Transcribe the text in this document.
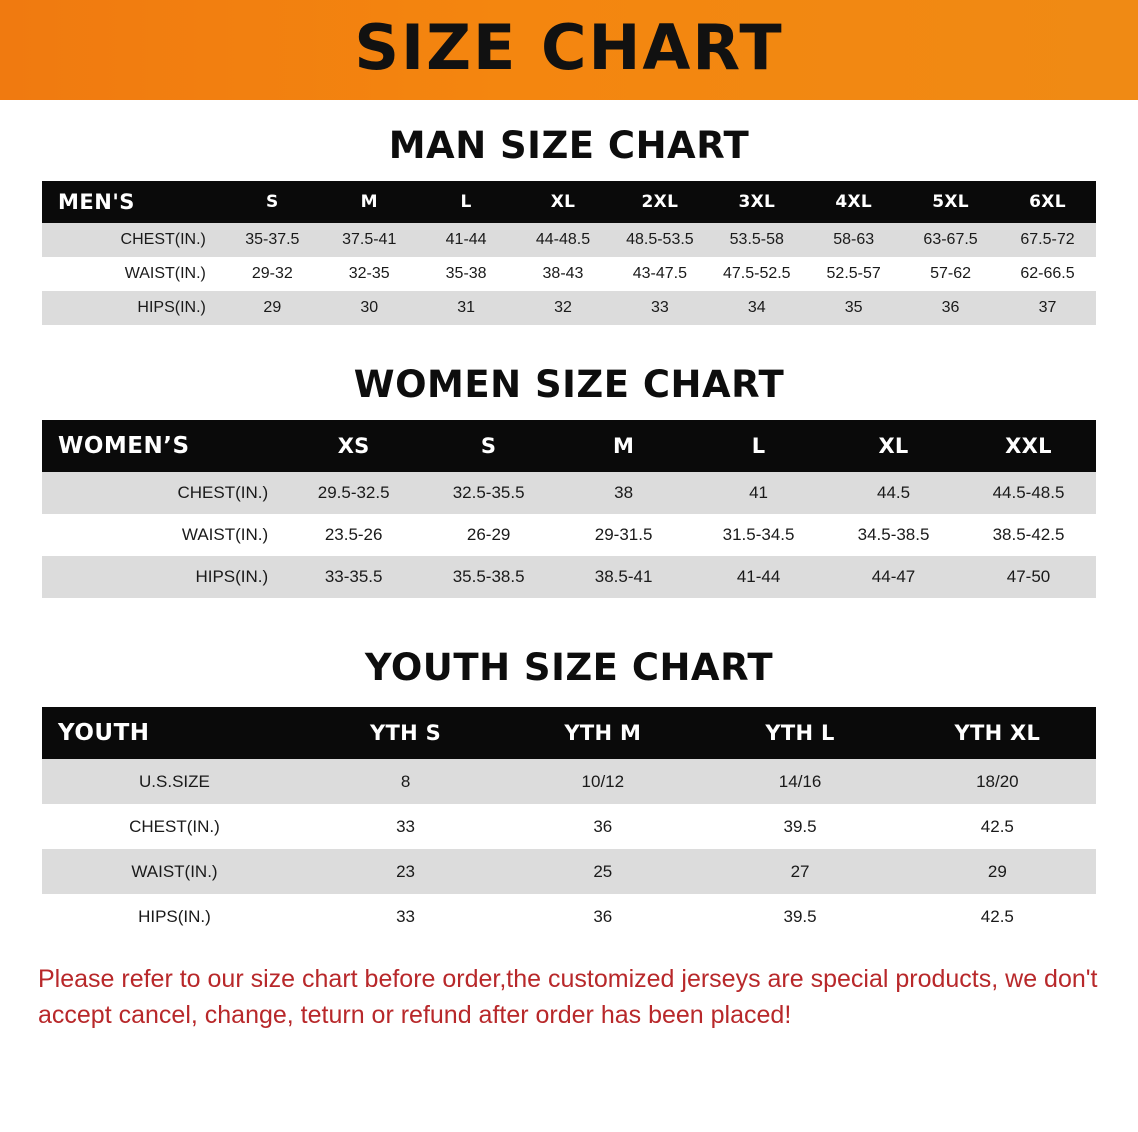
SIZE CHART
MAN SIZE CHART
MEN'S	S	M	L	XL	2XL	3XL	4XL	5XL	6XL
CHEST(IN.)	35-37.5	37.5-41	41-44	44-48.5	48.5-53.5	53.5-58	58-63	63-67.5	67.5-72
WAIST(IN.)	29-32	32-35	35-38	38-43	43-47.5	47.5-52.5	52.5-57	57-62	62-66.5
HIPS(IN.)	29	30	31	32	33	34	35	36	37
WOMEN SIZE CHART
WOMEN’S	XS	S	M	L	XL	XXL
CHEST(IN.)	29.5-32.5	32.5-35.5	38	41	44.5	44.5-48.5
WAIST(IN.)	23.5-26	26-29	29-31.5	31.5-34.5	34.5-38.5	38.5-42.5
HIPS(IN.)	33-35.5	35.5-38.5	38.5-41	41-44	44-47	47-50
YOUTH SIZE CHART
YOUTH	YTH S	YTH M	YTH L	YTH XL
U.S.SIZE	8	10/12	14/16	18/20
CHEST(IN.)	33	36	39.5	42.5
WAIST(IN.)	23	25	27	29
HIPS(IN.)	33	36	39.5	42.5
Please refer to our size chart before order,the customized jerseys are special products, we don't accept cancel, change, teturn or refund after order has been placed!
